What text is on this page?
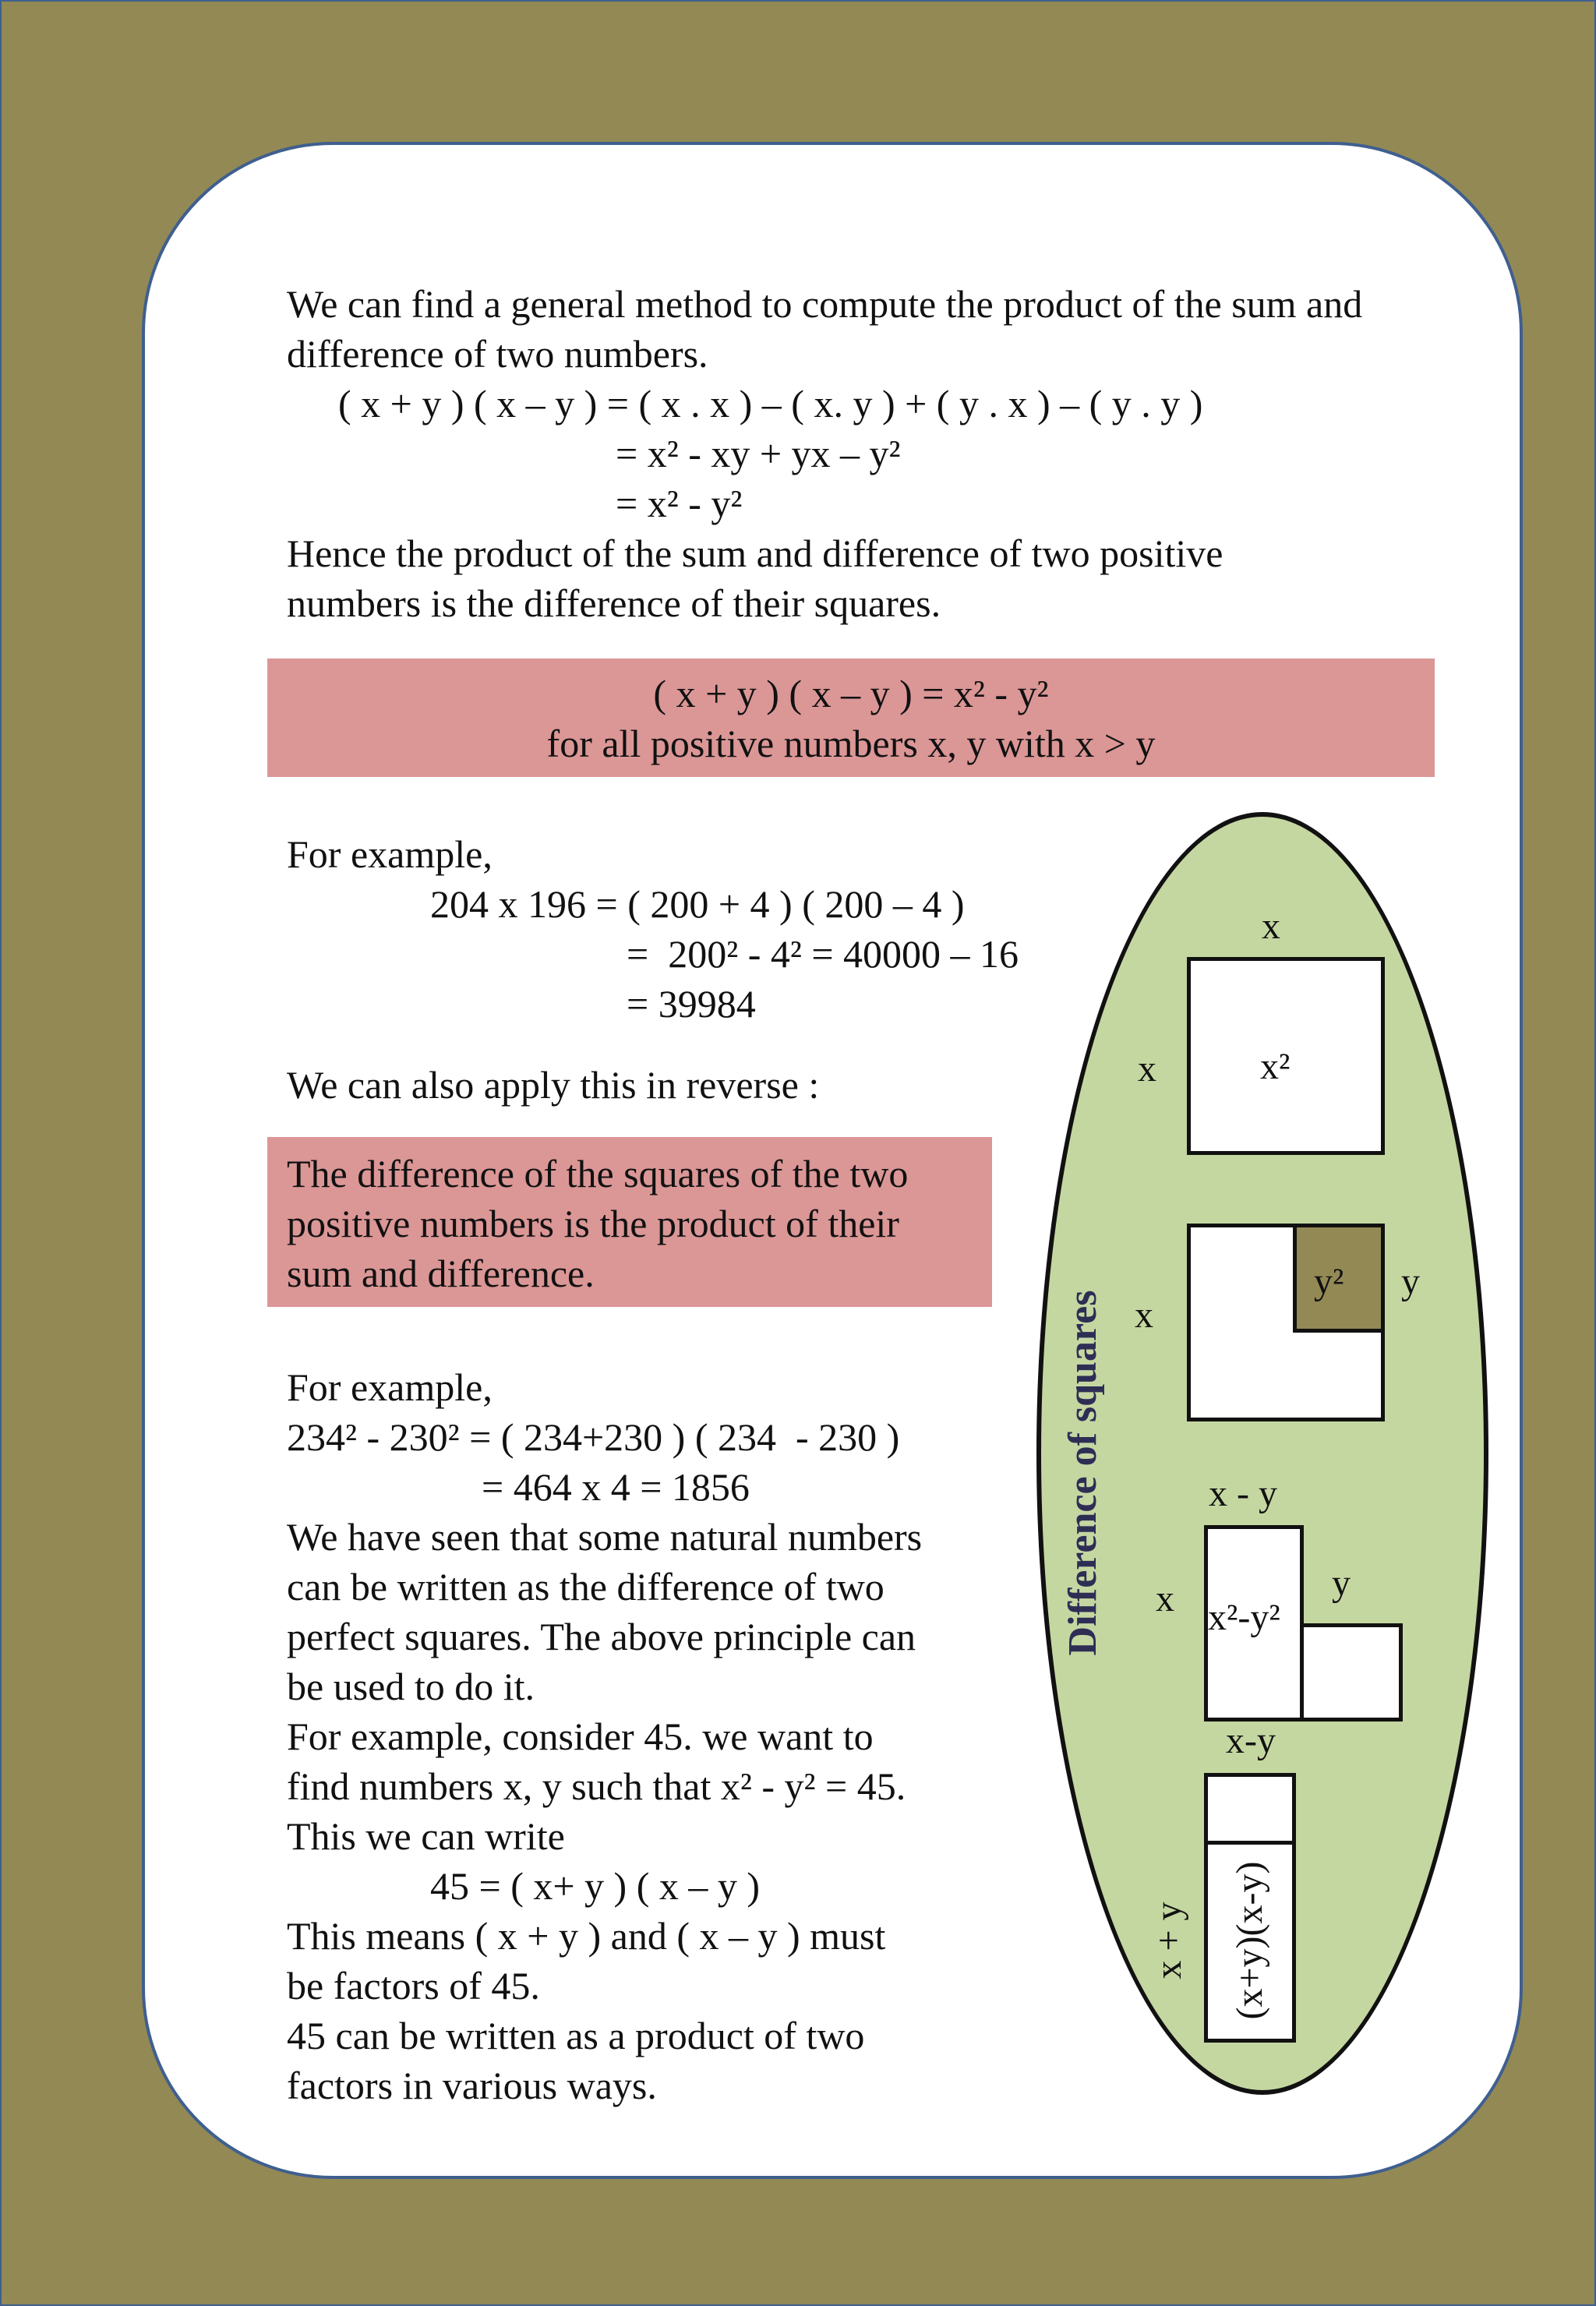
We can find a general method to compute the product of the sum and
difference of two numbers.
( x + y ) ( x – y ) = ( x . x ) – ( x. y ) + ( y . x ) – ( y . y )
= x² - xy + yx – y²
= x² - y²
Hence the product of the sum and difference of two positive
numbers is the difference of their squares.
( x + y ) ( x – y ) = x² - y²
for all positive numbers x, y with x > y
For example,
204 x 196 = ( 200 + 4 ) ( 200 – 4 )
=  200² - 4² = 40000 – 16
= 39984
We can also apply this in reverse :
The difference of the squares of the two
positive numbers is the product of their
sum and difference.
For example,
234² - 230² = ( 234+230 ) ( 234  - 230 )
= 464 x 4 = 1856
We have seen that some natural numbers
can be written as the difference of two
perfect squares. The above principle can
be used to do it.
For example, consider 45. we want to
find numbers x, y such that x² - y² = 45.
This we can write
45 = ( x+ y ) ( x – y )
This means ( x + y ) and ( x – y ) must
be factors of 45.
45 can be written as a product of two
factors in various ways.
Difference of squares
x
x	x²
y² y
x
x - y
x	y
x²-y²
x-y
x + y (x+y)(x-y)
